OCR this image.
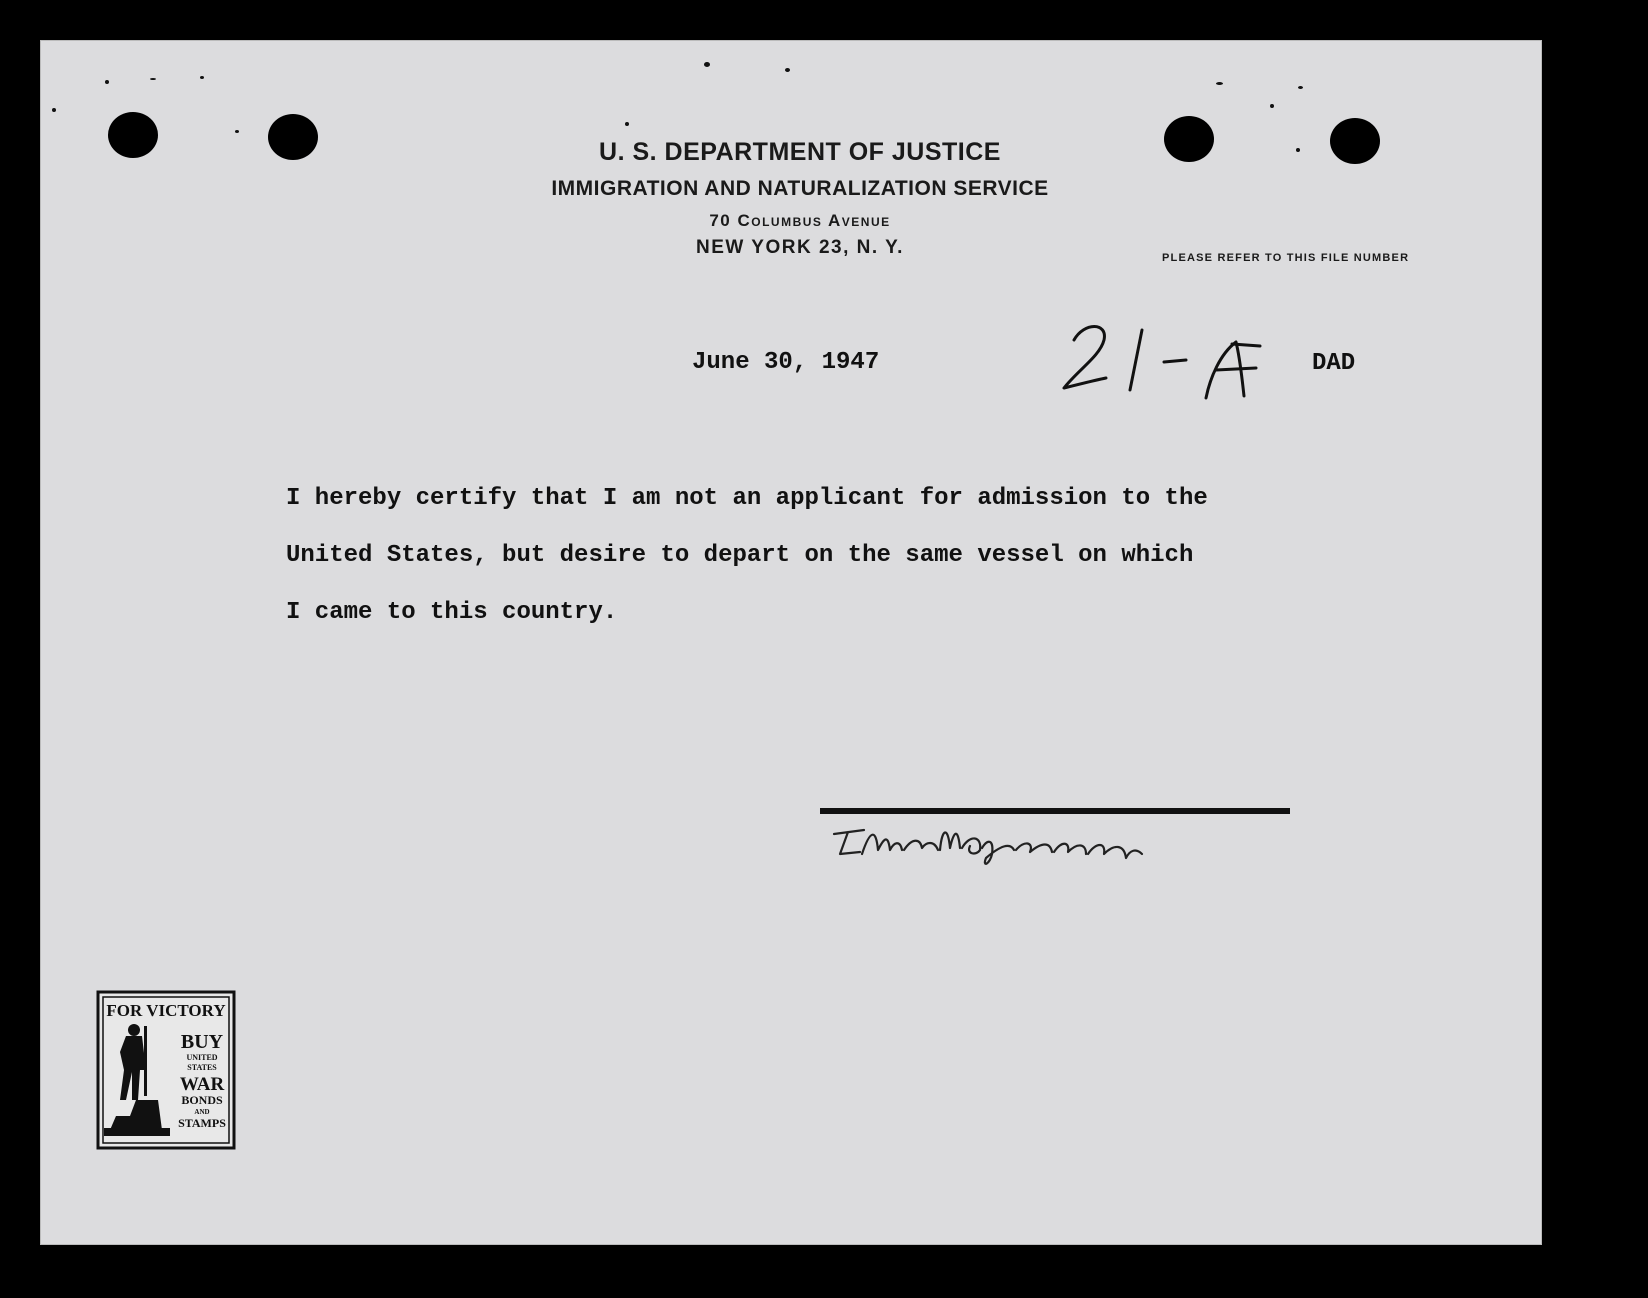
U. S. DEPARTMENT OF JUSTICE
IMMIGRATION AND NATURALIZATION SERVICE
70 Columbus Avenue
NEW YORK 23, N. Y.	PLEASE REFER TO THIS FILE NUMBER
June 30, 1947	DAD
I hereby certify that I am not an applicant for admission to the
United States, but desire to depart on the same vessel on which
I came to this country.
FOR VICTORY
BUY
UNITED
STATES
WAR
BONDS
AND
STAMPS
